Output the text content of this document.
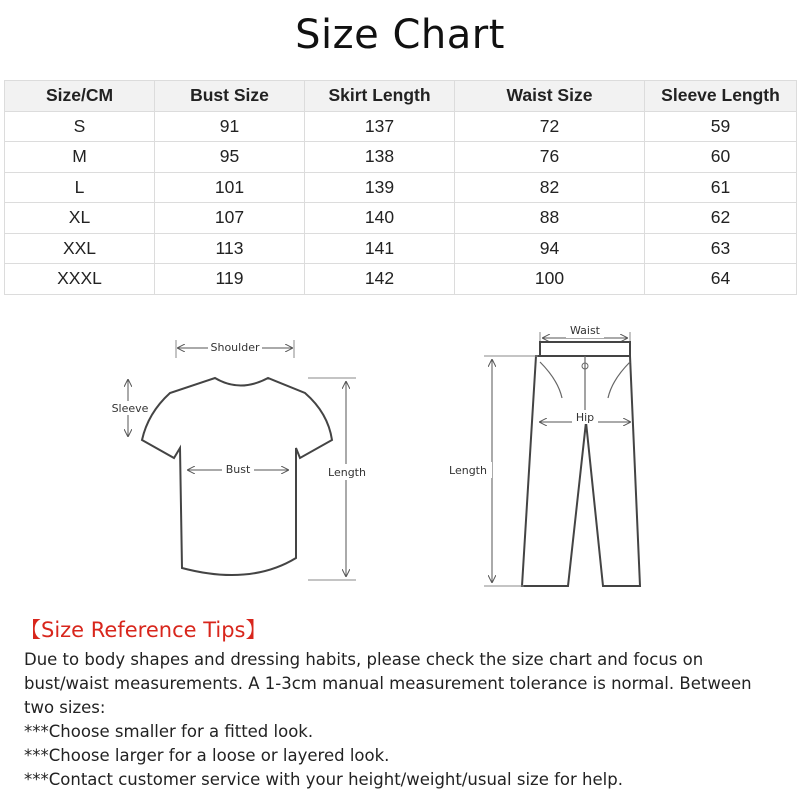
Size Chart
Size/CM	Bust Size	Skirt Length	Waist Size	Sleeve Length
S	91	137	72	59
M	95	138	76	60
L	101	139	82	61
XL	107	140	88	62
XXL	113	141	94	63
XXXL	119	142	100	64
Shoulder
Sleeve
Bust	Length
Waist
Hip
Length
【Size Reference Tips】

Due to body shapes and dressing habits, please check the size chart and focus on bust/waist measurements. A 1-3cm manual measurement tolerance is normal. Between two sizes:

***Choose smaller for a fitted look.

***Choose larger for a loose or layered look.

***Contact customer service with your height/weight/usual size for help.
